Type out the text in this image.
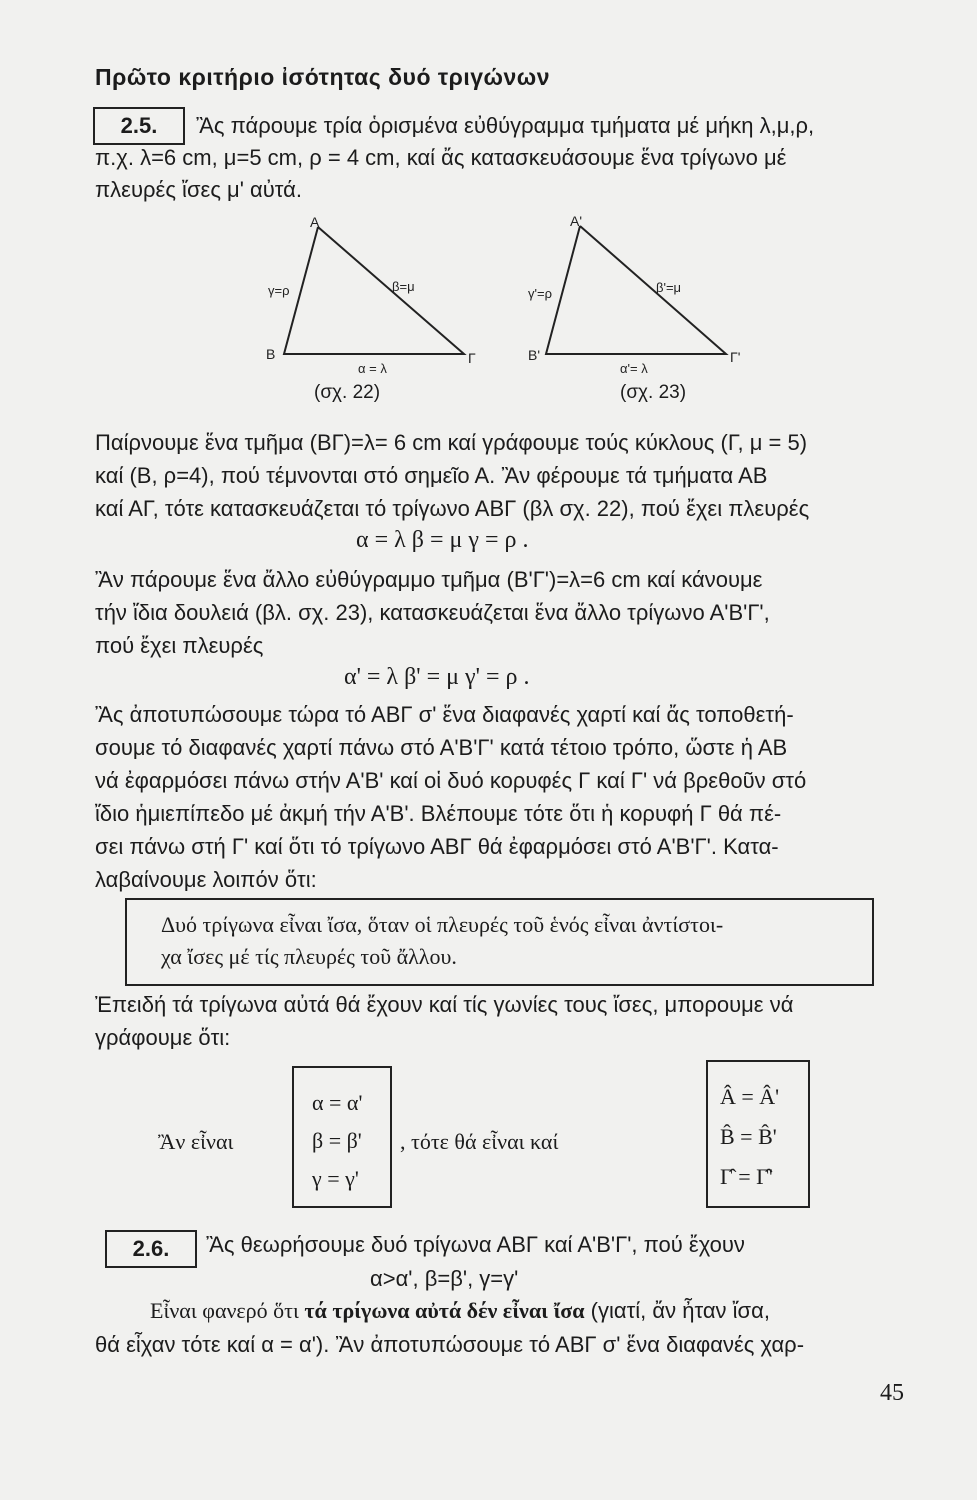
Πρῶτο κριτήριο ἰσότητας δυό τριγώνων
2.5.	Ἂς πάρουμε τρία ὁρισμένα εὐθύγραμμα τμήματα μέ μήκη λ,μ,ρ,
π.χ. λ=6 cm, μ=5 cm, ρ = 4 cm, καί ἄς κατασκευάσουμε ἕνα τρίγωνο μέ
πλευρές ἴσες μ' αὐτά.
A
B	Γ
γ=ρ	β=μ
α = λ
(σχ. 22)
A'
B'	Γ'
γ'=ρ	β'=μ
α'= λ
(σχ. 23)
Παίρνουμε ἕνα τμῆμα (ΒΓ)=λ= 6 cm καί γράφουμε τούς κύκλους (Γ, μ = 5)
καί (Β, ρ=4), πού τέμνονται στό σημεῖο Α. Ἂν φέρουμε τά τμήματα ΑΒ
καί ΑΓ, τότε κατασκευάζεται τό τρίγωνο ΑΒΓ (βλ σχ. 22), πού ἔχει πλευρές
α = λ β = μ γ = ρ .
Ἂν πάρουμε ἕνα ἄλλο εὐθύγραμμο τμῆμα (Β'Γ')=λ=6 cm καί κάνουμε
τήν ἴδια δουλειά (βλ. σχ. 23), κατασκευάζεται ἕνα ἄλλο τρίγωνο Α'Β'Γ',
πού ἔχει πλευρές
α' = λ β' = μ γ' = ρ .
Ἂς ἀποτυπώσουμε τώρα τό ΑΒΓ σ' ἕνα διαφανές χαρτί καί ἄς τοποθετή-
σουμε τό διαφανές χαρτί πάνω στό Α'Β'Γ' κατά τέτοιο τρόπο, ὥστε ἡ ΑΒ
νά ἐφαρμόσει πάνω στήν Α'Β' καί οἱ δυό κορυφές Γ καί Γ' νά βρεθοῦν στό
ἴδιο ἡμιεπίπεδο μέ ἀκμή τήν Α'Β'. Βλέπουμε τότε ὅτι ἡ κορυφή Γ θά πέ-
σει πάνω στή Γ' καί ὅτι τό τρίγωνο ΑΒΓ θά ἐφαρμόσει στό Α'Β'Γ'. Κατα-
λαβαίνουμε λοιπόν ὅτι:
Δυό τρίγωνα εἶναι ἴσα, ὅταν οἱ πλευρές τοῦ ἑνός εἶναι ἀντίστοι-
χα ἴσες μέ τίς πλευρές τοῦ ἄλλου.
Ἐπειδή τά τρίγωνα αὐτά θά ἔχουν καί τίς γωνίες τους ἴσες, μπορουμε νά
γράφουμε ὅτι:
Ἂν εἶναι
α = α'
β = β'
γ = γ'
, τότε θά εἶναι καί
Â = Â'
B̂ = B̂'
Γ̂ = Γ̂'
2.6.	Ἂς θεωρήσουμε δυό τρίγωνα ΑΒΓ καί Α'Β'Γ', πού ἔχουν
α>α', β=β', γ=γ'
Εἶναι φανερό ὅτι τά τρίγωνα αὐτά δέν εἶναι ἴσα (γιατί, ἄν ἦταν ἴσα,
θά εἶχαν τότε καί α = α'). Ἂν ἀποτυπώσουμε τό ΑΒΓ σ' ἕνα διαφανές χαρ-
45
